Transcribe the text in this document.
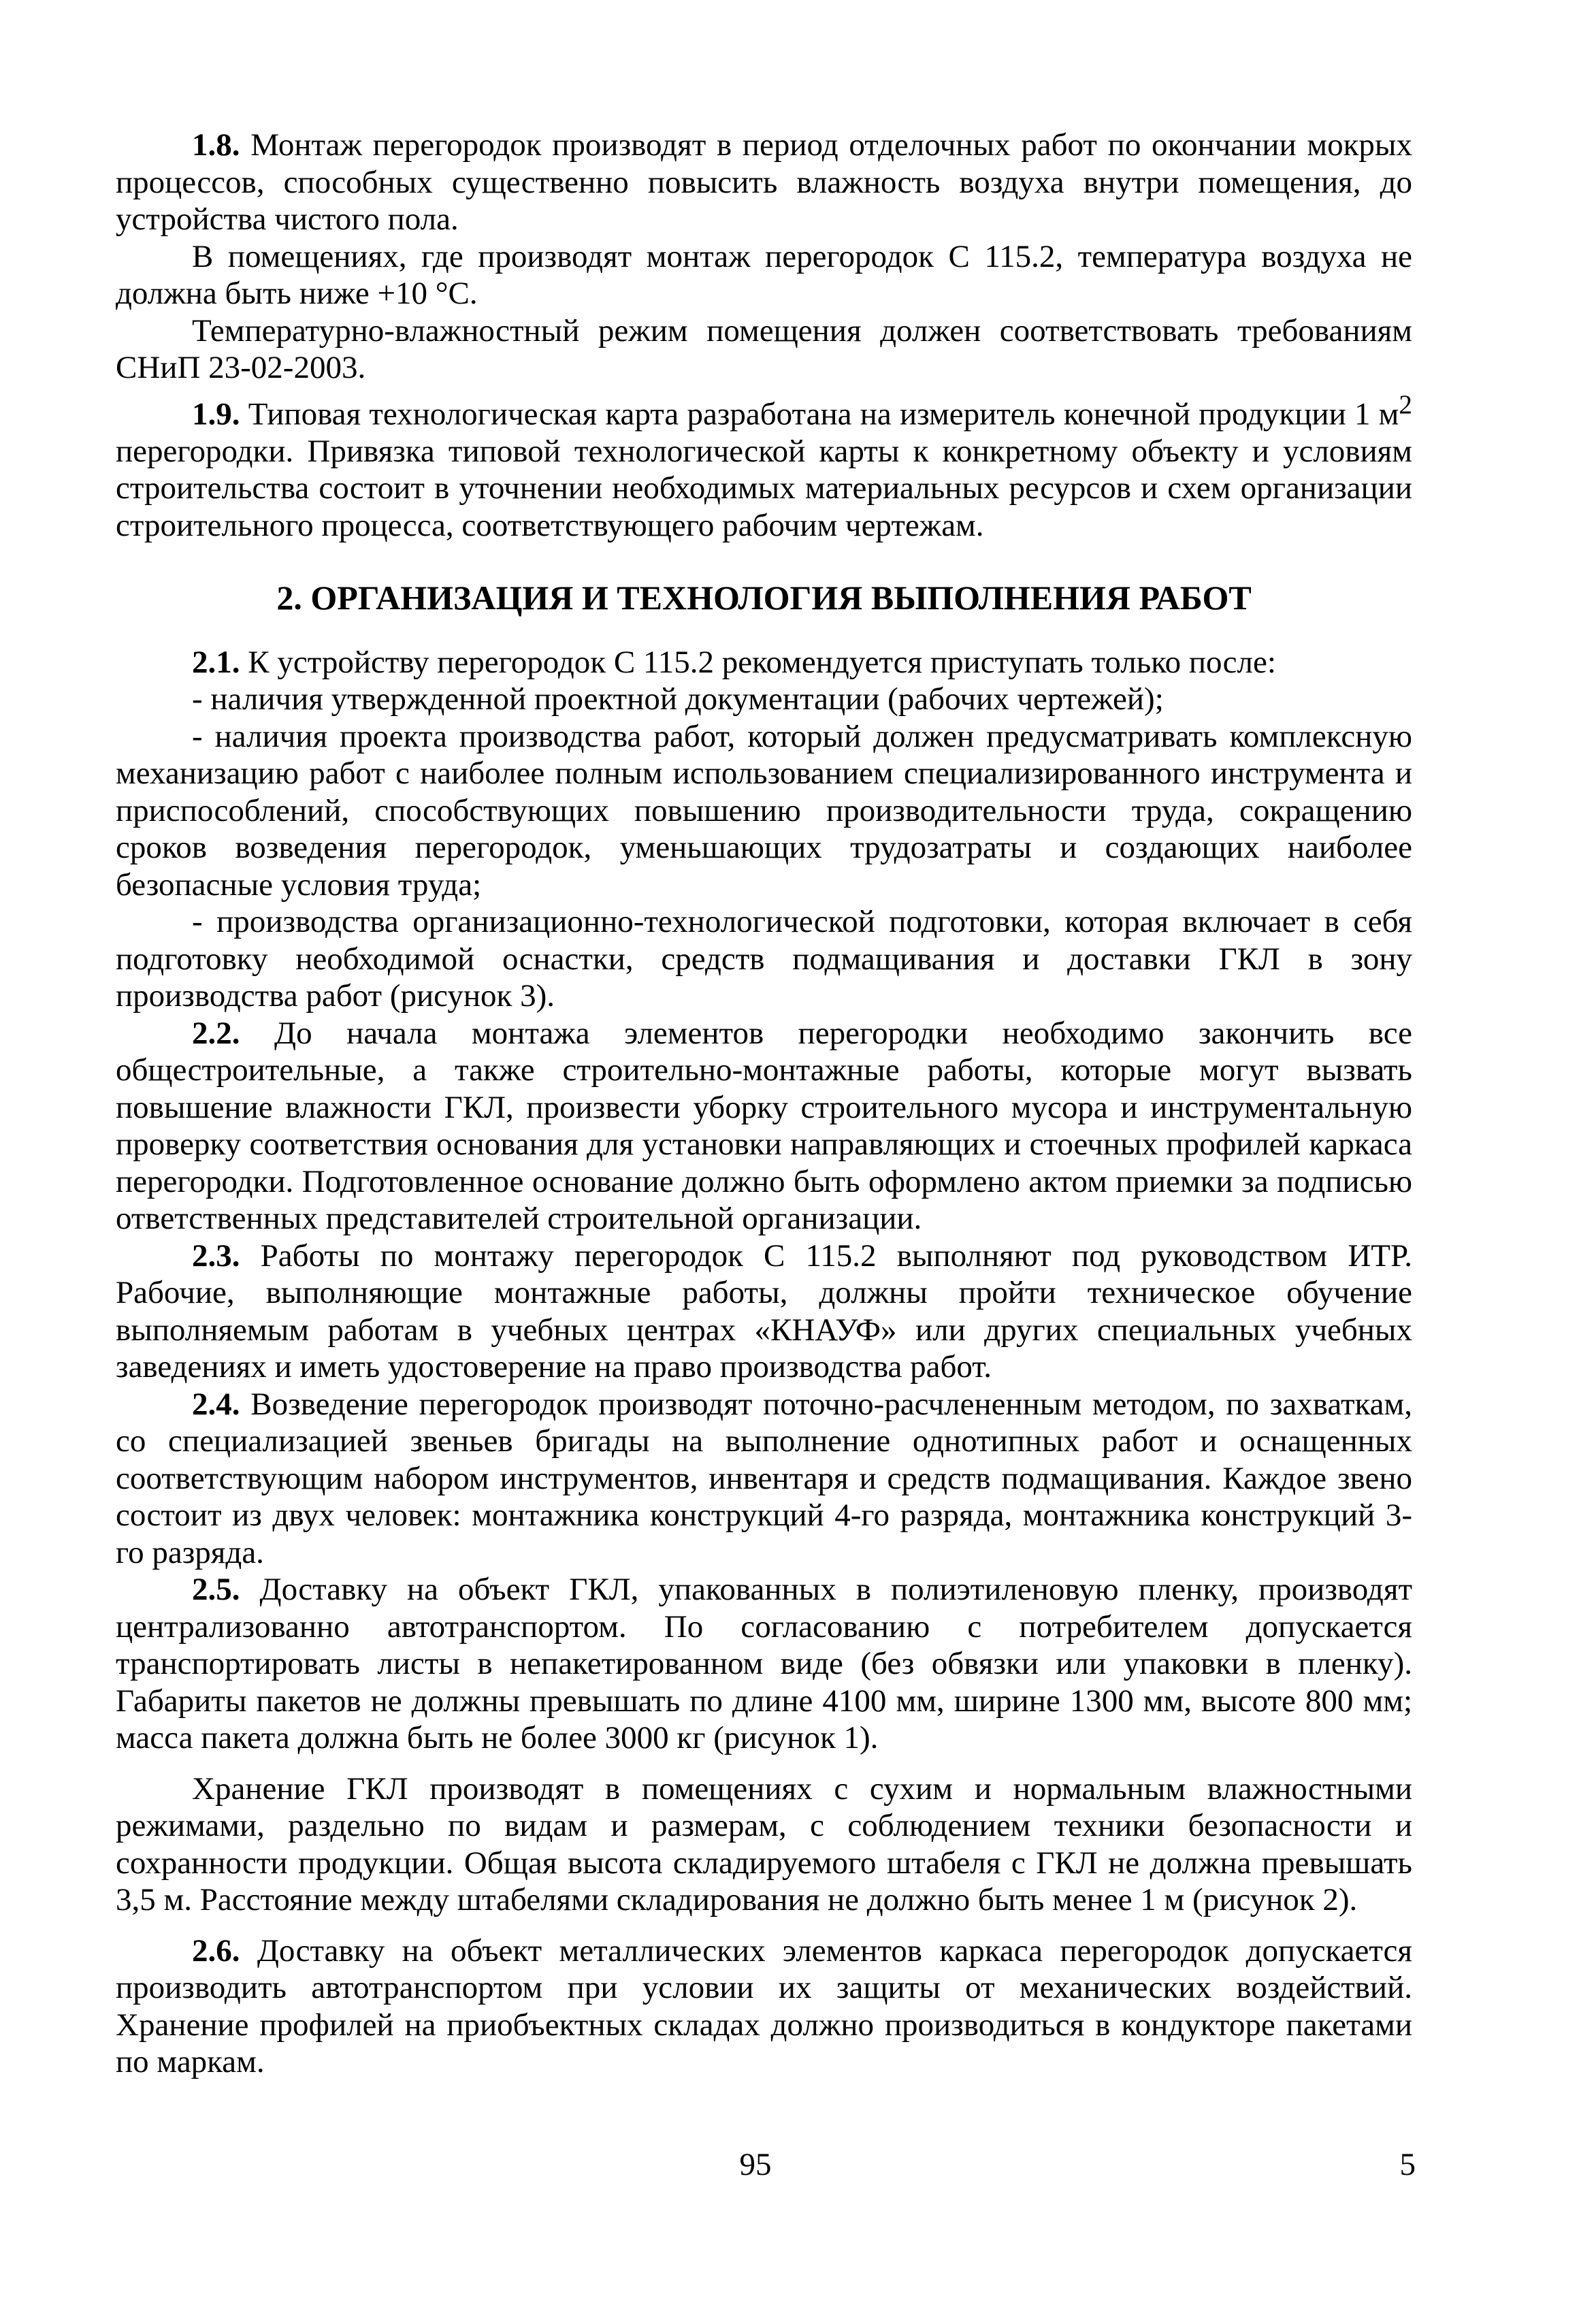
1.8. Монтаж перегородок производят в период отделочных работ по окончании мокрых процессов, способных существенно повысить влажность воздуха внутри помещения, до устройства чистого пола.

В помещениях, где производят монтаж перегородок С 115.2, температура воздуха не должна быть ниже +10 °С.

Температурно-влажностный режим помещения должен соответствовать требованиям СНиП 23-02-2003.

1.9. Типовая технологическая карта разработана на измеритель конечной продукции 1 $м^2$ перегородки. Привязка типовой технологической карты к конкретному объекту и условиям строительства состоит в уточнении необходимых материальных ресурсов и схем организации строительного процесса, соответствующего рабочим чертежам.

2. ОРГАНИЗАЦИЯ И ТЕХНОЛОГИЯ ВЫПОЛНЕНИЯ РАБОТ

2.1. К устройству перегородок С 115.2 рекомендуется приступать только после:

- наличия утвержденной проектной документации (рабочих чертежей);

- наличия проекта производства работ, который должен предусматривать комплексную механизацию работ с наиболее полным использованием специализированного инструмента и приспособлений, способствующих повышению производительности труда, сокращению сроков возведения перегородок, уменьшающих трудозатраты и создающих наиболее безопасные условия труда;

- производства организационно-технологической подготовки, которая включает в себя подготовку необходимой оснастки, средств подмащивания и доставки ГКЛ в зону производства работ (рисунок 3).

2.2. До начала монтажа элементов перегородки необходимо закончить все общестроительные, а также строительно-монтажные работы, которые могут вызвать повышение влажности ГКЛ, произвести уборку строительного мусора и инструментальную проверку соответствия основания для установки направляющих и стоечных профилей каркаса перегородки. Подготовленное основание должно быть оформлено актом приемки за подписью ответственных представителей строительной организации.

2.3. Работы по монтажу перегородок С 115.2 выполняют под руководством ИТР. Рабочие, выполняющие монтажные работы, должны пройти техническое обучение выполняемым работам в учебных центрах «КНАУФ» или других специальных учебных заведениях и иметь удостоверение на право производства работ.

2.4. Возведение перегородок производят поточно-расчлененным методом, по захваткам, со специализацией звеньев бригады на выполнение однотипных работ и оснащенных соответствующим набором инструментов, инвентаря и средств подмащивания. Каждое звено состоит из двух человек: монтажника конструкций 4-го разряда, монтажника конструкций 3-го разряда.

2.5. Доставку на объект ГКЛ, упакованных в полиэтиленовую пленку, производят централизованно автотранспортом. По согласованию с потребителем допускается транспортировать листы в непакетированном виде (без обвязки или упаковки в пленку). Габариты пакетов не должны превышать по длине 4100 мм, ширине 1300 мм, высоте 800 мм; масса пакета должна быть не более 3000 кг (рисунок 1).

Хранение ГКЛ производят в помещениях с сухим и нормальным влажностными режимами, раздельно по видам и размерам, с соблюдением техники безопасности и сохранности продукции. Общая высота складируемого штабеля с ГКЛ не должна превышать 3,5 м. Расстояние между штабелями складирования не должно быть менее 1 м (рисунок 2).

2.6. Доставку на объект металлических элементов каркаса перегородок допускается производить автотранспортом при условии их защиты от механических воздействий. Хранение профилей на приобъектных складах должно производиться в кондукторе пакетами по маркам.

95	5
